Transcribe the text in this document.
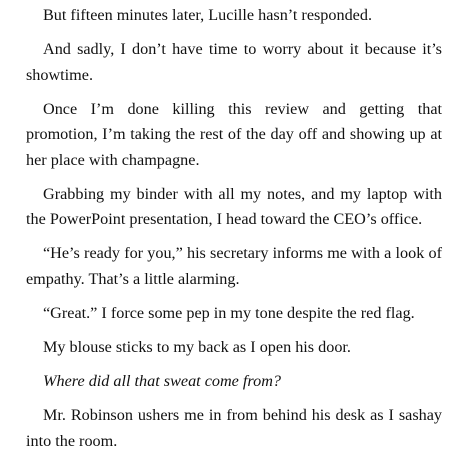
But fifteen minutes later, Lucille hasn’t responded.

And sadly, I don’t have time to worry about it because it’s showtime.

Once I’m done killing this review and getting that promotion, I’m taking the rest of the day off and showing up at her place with champagne.

Grabbing my binder with all my notes, and my laptop with the PowerPoint presentation, I head toward the CEO’s office.

“He’s ready for you,” his secretary informs me with a look of empathy. That’s a little alarming.

“Great.” I force some pep in my tone despite the red flag.

My blouse sticks to my back as I open his door.

Where did all that sweat come from?

Mr. Robinson ushers me in from behind his desk as I sashay into the room.
